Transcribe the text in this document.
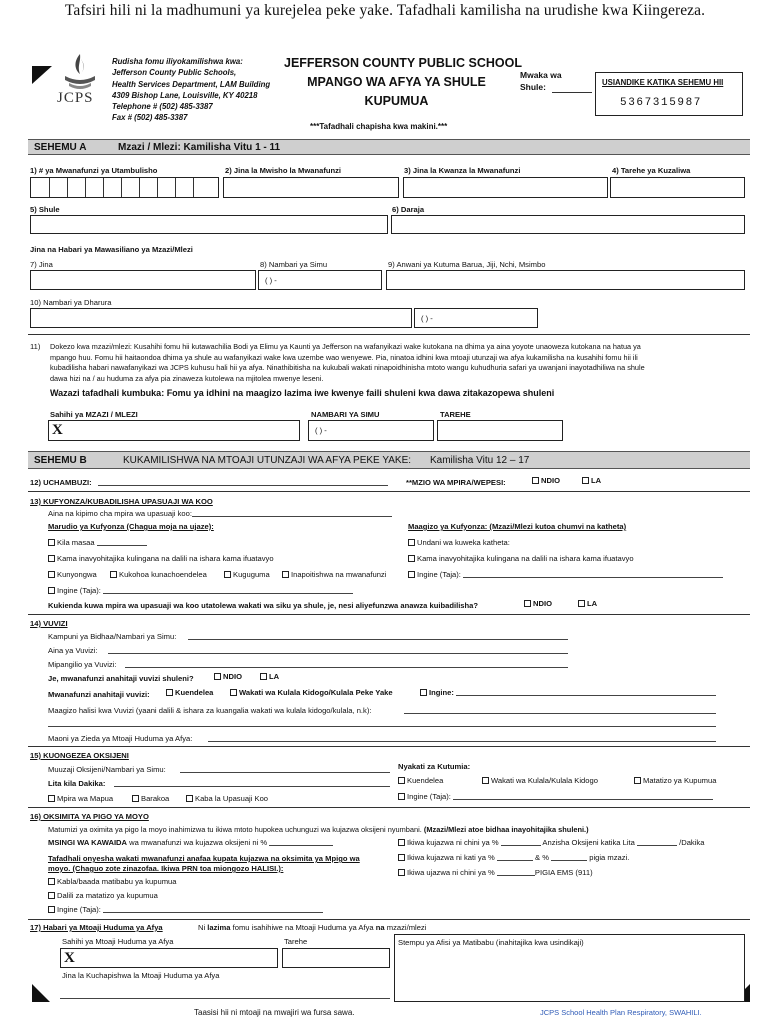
Tafsiri hili ni la madhumuni ya kurejelea peke yake. Tafadhali kamilisha na urudishe kwa Kiingereza.
JCPS
Rudisha fomu iliyokamilishwa kwa:
Jefferson County Public Schools,
Health Services Department, LAM Building
4309 Bishop Lane, Louisville, KY 40218
Telephone # (502) 485-3387
Fax # (502) 485-3387
JEFFERSON COUNTY PUBLIC SCHOOL
MPANGO WA AFYA YA SHULE
KUPUMUA
***Tafadhali chapisha kwa makini.***
Mwaka wa
Shule:	USIANDIKE KATIKA SEHEMU HII
5367315987
SEHEMU A	Mzazi / Mlezi: Kamilisha Vitu 1 - 11
1) # ya Mwanafunzi ya Utambulisho	2) Jina la Mwisho la Mwanafunzi	3) Jina la Kwanza la Mwanafunzi	4) Tarehe ya Kuzaliwa
5) Shule	6) Daraja
Jina na Habari ya Mawasiliano ya Mzazi/Mlezi
7) Jina	8) Nambari ya Simu	9) Anwani ya Kutuma Barua, Jiji, Nchi, Msimbo
( ) -
10) Nambari ya Dharura
( ) -
11) Dokezo kwa mzazi/mlezi: Kusahihi fomu hii kutawachilia Bodi ya Elimu ya Kaunti ya Jefferson na wafanyikazi wake kutokana na dhima ya aina yoyote unaoweza kutokana na hatua ya
mpango huu. Fomu hii haitaondoa dhima ya shule au wafanyikazi wake kwa uzembe wao wenyewe. Pia, ninatoa idhini kwa mtoaji utunzaji wa afya kukamilisha na kusahihi fomu hii ili
kubadilisha habari nawafanyikazi wa JCPS kuhusu hali hii ya afya. Ninathibitisha na kukubali wakati ninapoidhinisha mtoto wangu kuhudhuria safari ya uwanjani inayotadhiliwa na shule
dawa hizi na / au huduma za afya pia zinaweza kutolewa na mjitolea mwenye leseni.
Wazazi tafadhali kumbuka: Fomu ya idhini na maagizo lazima iwe kwenye faili shuleni kwa dawa zitakazopewa shuleni
Sahihi ya MZAZI / MLEZI	NAMBARI YA SIMU	TAREHE
X	( ) -
SEHEMU B	KUKAMILISHWA NA MTOAJI UTUNZAJI WA AFYA PEKE YAKE: Kamilisha Vitu 12 – 17
12) UCHAMBUZI:	**MZIO WA MPIRA/WEPESI:	NDIO	LA
13) KUFYONZA/KUBADILISHA UPASUAJI WA KOO
Aina na kipimo cha mpira wa upasuaji koo:
Marudio ya Kufyonza (Chagua moja na ujaze):	Maagizo ya Kufyonza: (Mzazi/Mlezi kutoa chumvi na katheta)
Kila masaa	Undani wa kuweka katheta:
Kama inavyohitajika kulingana na dalili na ishara kama ifuatavyo	Kama inavyohitajika kulingana na dalili na ishara kama ifuatavyo
Kunyongwa	Kukohoa kunachoendelea	Kuguguma	Inapoitishwa na mwanafunzi	Ingine (Taja):
Ingine (Taja):
Kukienda kuwa mpira wa upasuaji wa koo utatolewa wakati wa siku ya shule, je, nesi aliyefunzwa anawza kuibadilisha?	NDIO	LA
14) VUVIZI
Kampuni ya Bidhaa/Nambari ya Simu:
Aina ya Vuvizi:
Mipangilio ya Vuvizi:
Je, mwanafunzi anahitaji vuvizi shuleni?	NDIO	LA
Mwanafunzi anahitaji vuvizi:	Kuendelea	Wakati wa Kulala Kidogo/Kulala Peke Yake	Ingine:
Maagizo halisi kwa Vuvizi (yaani dalili & ishara za kuangalia wakati wa kulala kidogo/kulala, n.k):
Maoni ya Zieda ya Mtoaji Huduma ya Afya:
15) KUONGEZEA OKSIJENI
Muuzaji Oksijeni/Nambari ya Simu:	Nyakati za Kutumia:
Lita kila Dakika:	Kuendelea	Wakati wa Kulala/Kulala Kidogo	Matatizo ya Kupumua
Mpira wa Mapua	Barakoa	Kaba la Upasuaji Koo	Ingine (Taja):
16) OKSIMITA YA PIGO YA MOYO
Matumizi ya oximita ya pigo la moyo inahimizwa tu ikiwa mtoto hupokea uchunguzi wa kujazwa oksijeni nyumbani. (Mzazi/Mlezi atoe bidhaa inayohitajika shuleni.)
MSINGI WA KAWAIDA wa mwanafunzi wa kujazwa oksijeni ni %
Tafadhali onyesha wakati mwanafunzi anafaa kupata kujazwa na oksimita ya Mpigo wa
moyo. (Chaguo zote zinazofaa. Ikiwa PRN toa miongozo HALISI.):
Kabla/baada matibabu ya kupumua
Dalili za matatizo ya kupumua
Ingine (Taja):
Ikiwa kujazwa ni chini ya %	Anzisha Oksijeni katika Lita	/Dakika
Ikiwa kujazwa ni kati ya %	& %	pigia mzazi.
Ikiwa ujazwa ni chini ya %	PIGIA EMS (911)
17) Habari ya Mtoaji Huduma ya Afya	Ni lazima fomu isahihiwe na Mtoaji Huduma ya Afya na mzazi/mlezi
Sahihi ya Mtoaji Huduma ya Afya	Tarehe
X
Stempu ya Afisi ya Matibabu (inahitajika kwa usindikaji)
Jina la Kuchapishwa la Mtoaji Huduma ya Afya
Taasisi hii ni mtoaji na mwajiri wa fursa sawa.	JCPS School Health Plan Respiratory, SWAHILI.
